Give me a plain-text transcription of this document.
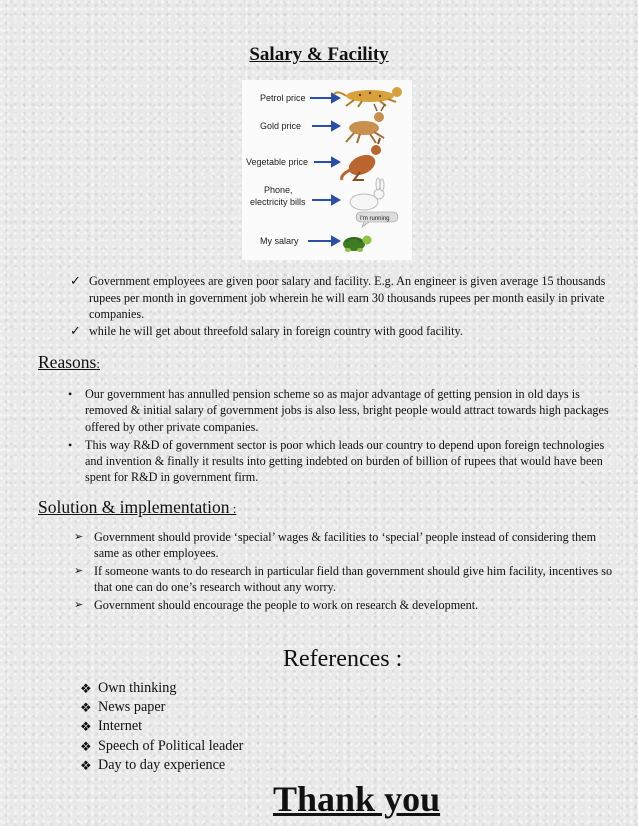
Salary & Facility
Petrol price
Gold price
Vegetable price
Phone,
electricity bills
My salary
I'm running
✓ Government employees are given poor salary and facility. E.g. An engineer is given average 15 thousands rupees per month in government job wherein he will earn 30 thousands rupees per month easily in private companies.
✓ while he will get about threefold salary in foreign country with good facility.
Reasons:
• Our government has annulled pension scheme so as major advantage of getting pension in old days is removed & initial salary of government jobs is also less, bright people would attract towards high packages offered by other private companies.
• This way R&D of government sector is poor which leads our country to depend upon foreign technologies and invention & finally it results into getting indebted on burden of billion of rupees that would have been spent for R&D in government firm.
Solution & implementation :
➢ Government should provide ‘special’ wages & facilities to ‘special’ people instead of considering them same as other employees.
➢ If someone wants to do research in particular field than government should give him facility, incentives so that one can do one’s research without any worry.
➢ Government should encourage the people to work on research & development.
References :
❖ Own thinking
❖ News paper
❖ Internet
❖ Speech of Political leader
❖ Day to day experience
Thank you
